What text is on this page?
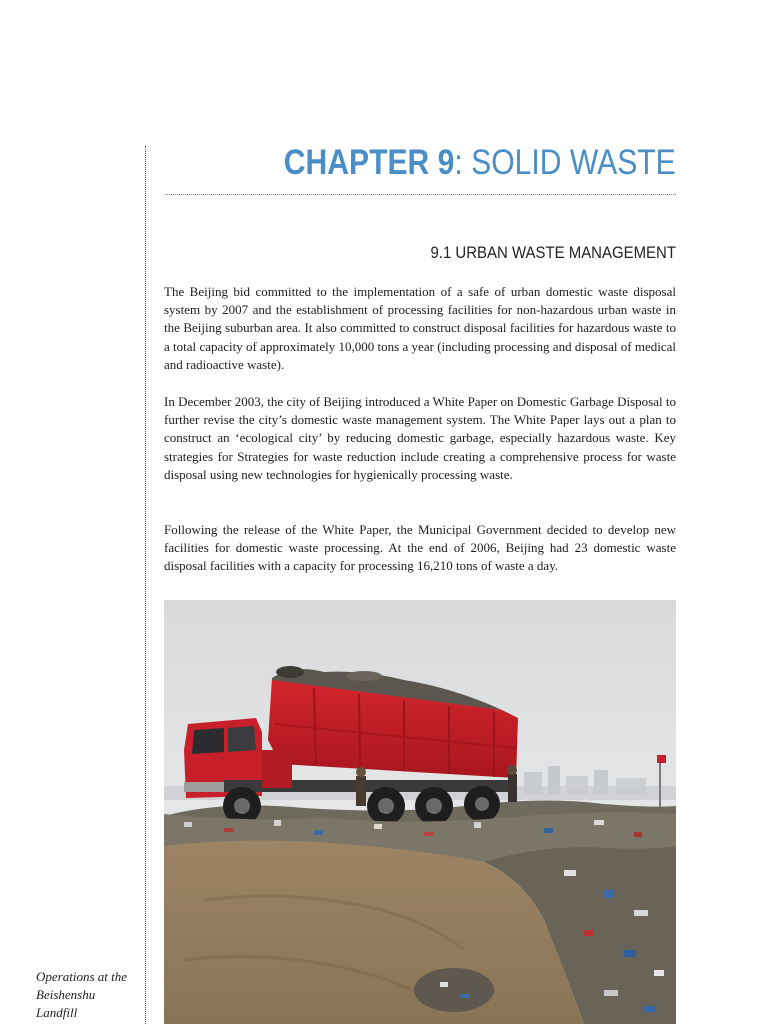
CHAPTER 9: SOLID WASTE
9.1 URBAN WASTE MANAGEMENT

The Beijing bid committed to the implementation of a safe of urban domestic waste disposal system by 2007 and the establishment of processing facilities for non-hazardous urban waste in the Beijing suburban area. It also committed to construct disposal facilities for hazardous waste to a total capacity of approximately 10,000 tons a year (including processing and disposal of medical and radioactive waste).

In December 2003, the city of Beijing introduced a White Paper on Domestic Garbage Disposal to further revise the city’s domestic waste management system. The White Paper lays out a plan to construct an ‘ecological city’ by reducing domestic garbage, especially hazardous waste. Key strategies for Strategies for waste reduction include creating a comprehensive process for waste disposal using new technologies for hygienically processing waste.

Following the release of the White Paper, the Municipal Government decided to develop new facilities for domestic waste processing. At the end of 2006, Beijing had 23 domestic waste disposal facilities with a capacity for processing 16,210 tons of waste a day.

Operations at the Beishenshu Landfill
